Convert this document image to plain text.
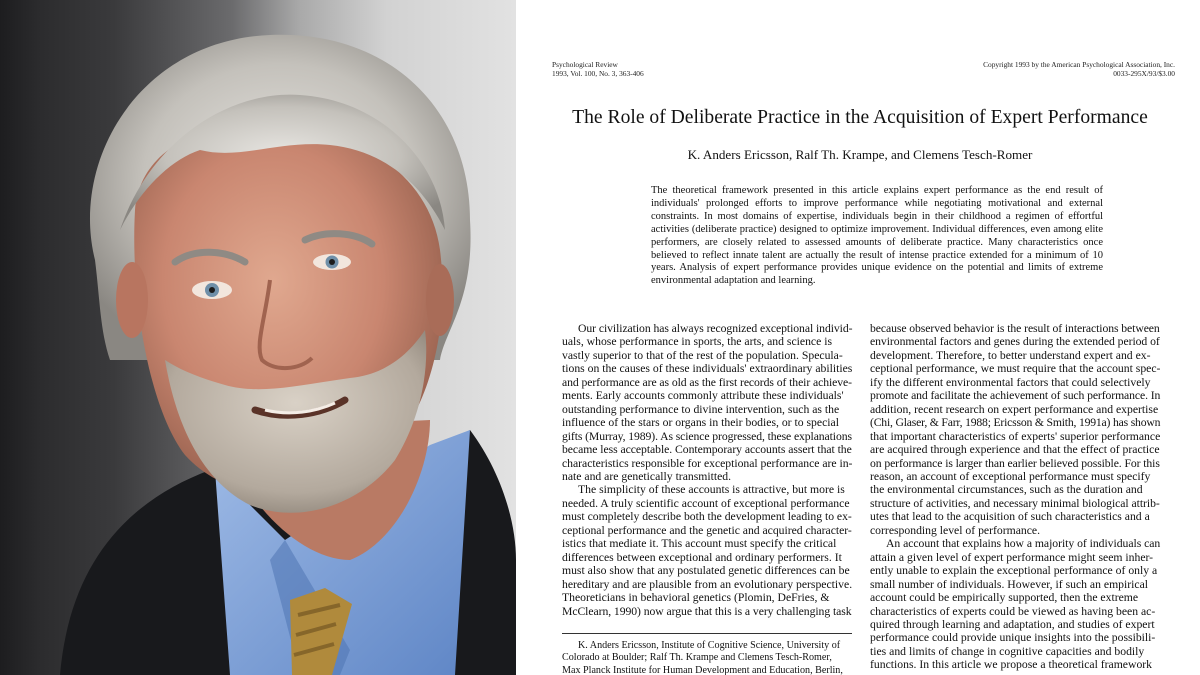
Psychological Review
1993, Vol. 100, No. 3, 363-406
Copyright 1993 by the American Psychological Association, Inc.
0033-295X/93/$3.00
The Role of Deliberate Practice in the Acquisition of Expert Performance
K. Anders Ericsson, Ralf Th. Krampe, and Clemens Tesch-Romer
The theoretical framework presented in this article explains expert performance as the end result of individuals' prolonged efforts to improve performance while negotiating motivational and external constraints. In most domains of expertise, individuals begin in their childhood a regimen of effortful activities (deliberate practice) designed to optimize improvement. Individual differences, even among elite performers, are closely related to assessed amounts of deliberate practice. Many characteristics once believed to reflect innate talent are actually the result of intense practice extended for a minimum of 10 years. Analysis of expert performance provides unique evidence on the potential and limits of extreme environmental adaptation and learning.
Our civilization has always recognized exceptional individ-
uals, whose performance in sports, the arts, and science is
vastly superior to that of the rest of the population. Specula-
tions on the causes of these individuals' extraordinary abilities
and performance are as old as the first records of their achieve-
ments. Early accounts commonly attribute these individuals'
outstanding performance to divine intervention, such as the
influence of the stars or organs in their bodies, or to special
gifts (Murray, 1989). As science progressed, these explanations
became less acceptable. Contemporary accounts assert that the
characteristics responsible for exceptional performance are in-
nate and are genetically transmitted.
The simplicity of these accounts is attractive, but more is
needed. A truly scientific account of exceptional performance
must completely describe both the development leading to ex-
ceptional performance and the genetic and acquired character-
istics that mediate it. This account must specify the critical
differences between exceptional and ordinary performers. It
must also show that any postulated genetic differences can be
hereditary and are plausible from an evolutionary perspective.
Theoreticians in behavioral genetics (Plomin, DeFries, &
McClearn, 1990) now argue that this is a very challenging task
because observed behavior is the result of interactions between
environmental factors and genes during the extended period of
development. Therefore, to better understand expert and ex-
ceptional performance, we must require that the account spec-
ify the different environmental factors that could selectively
promote and facilitate the achievement of such performance. In
addition, recent research on expert performance and expertise
(Chi, Glaser, & Farr, 1988; Ericsson & Smith, 1991a) has shown
that important characteristics of experts' superior performance
are acquired through experience and that the effect of practice
on performance is larger than earlier believed possible. For this
reason, an account of exceptional performance must specify
the environmental circumstances, such as the duration and
structure of activities, and necessary minimal biological attrib-
utes that lead to the acquisition of such characteristics and a
corresponding level of performance.
An account that explains how a majority of individuals can
attain a given level of expert performance might seem inher-
ently unable to explain the exceptional performance of only a
small number of individuals. However, if such an empirical
account could be empirically supported, then the extreme
characteristics of experts could be viewed as having been ac-
quired through learning and adaptation, and studies of expert
performance could provide unique insights into the possibili-
ties and limits of change in cognitive capacities and bodily
functions. In this article we propose a theoretical framework
K. Anders Ericsson, Institute of Cognitive Science, University of
Colorado at Boulder; Ralf Th. Krampe and Clemens Tesch-Romer,
Max Planck Institute for Human Development and Education, Berlin,
